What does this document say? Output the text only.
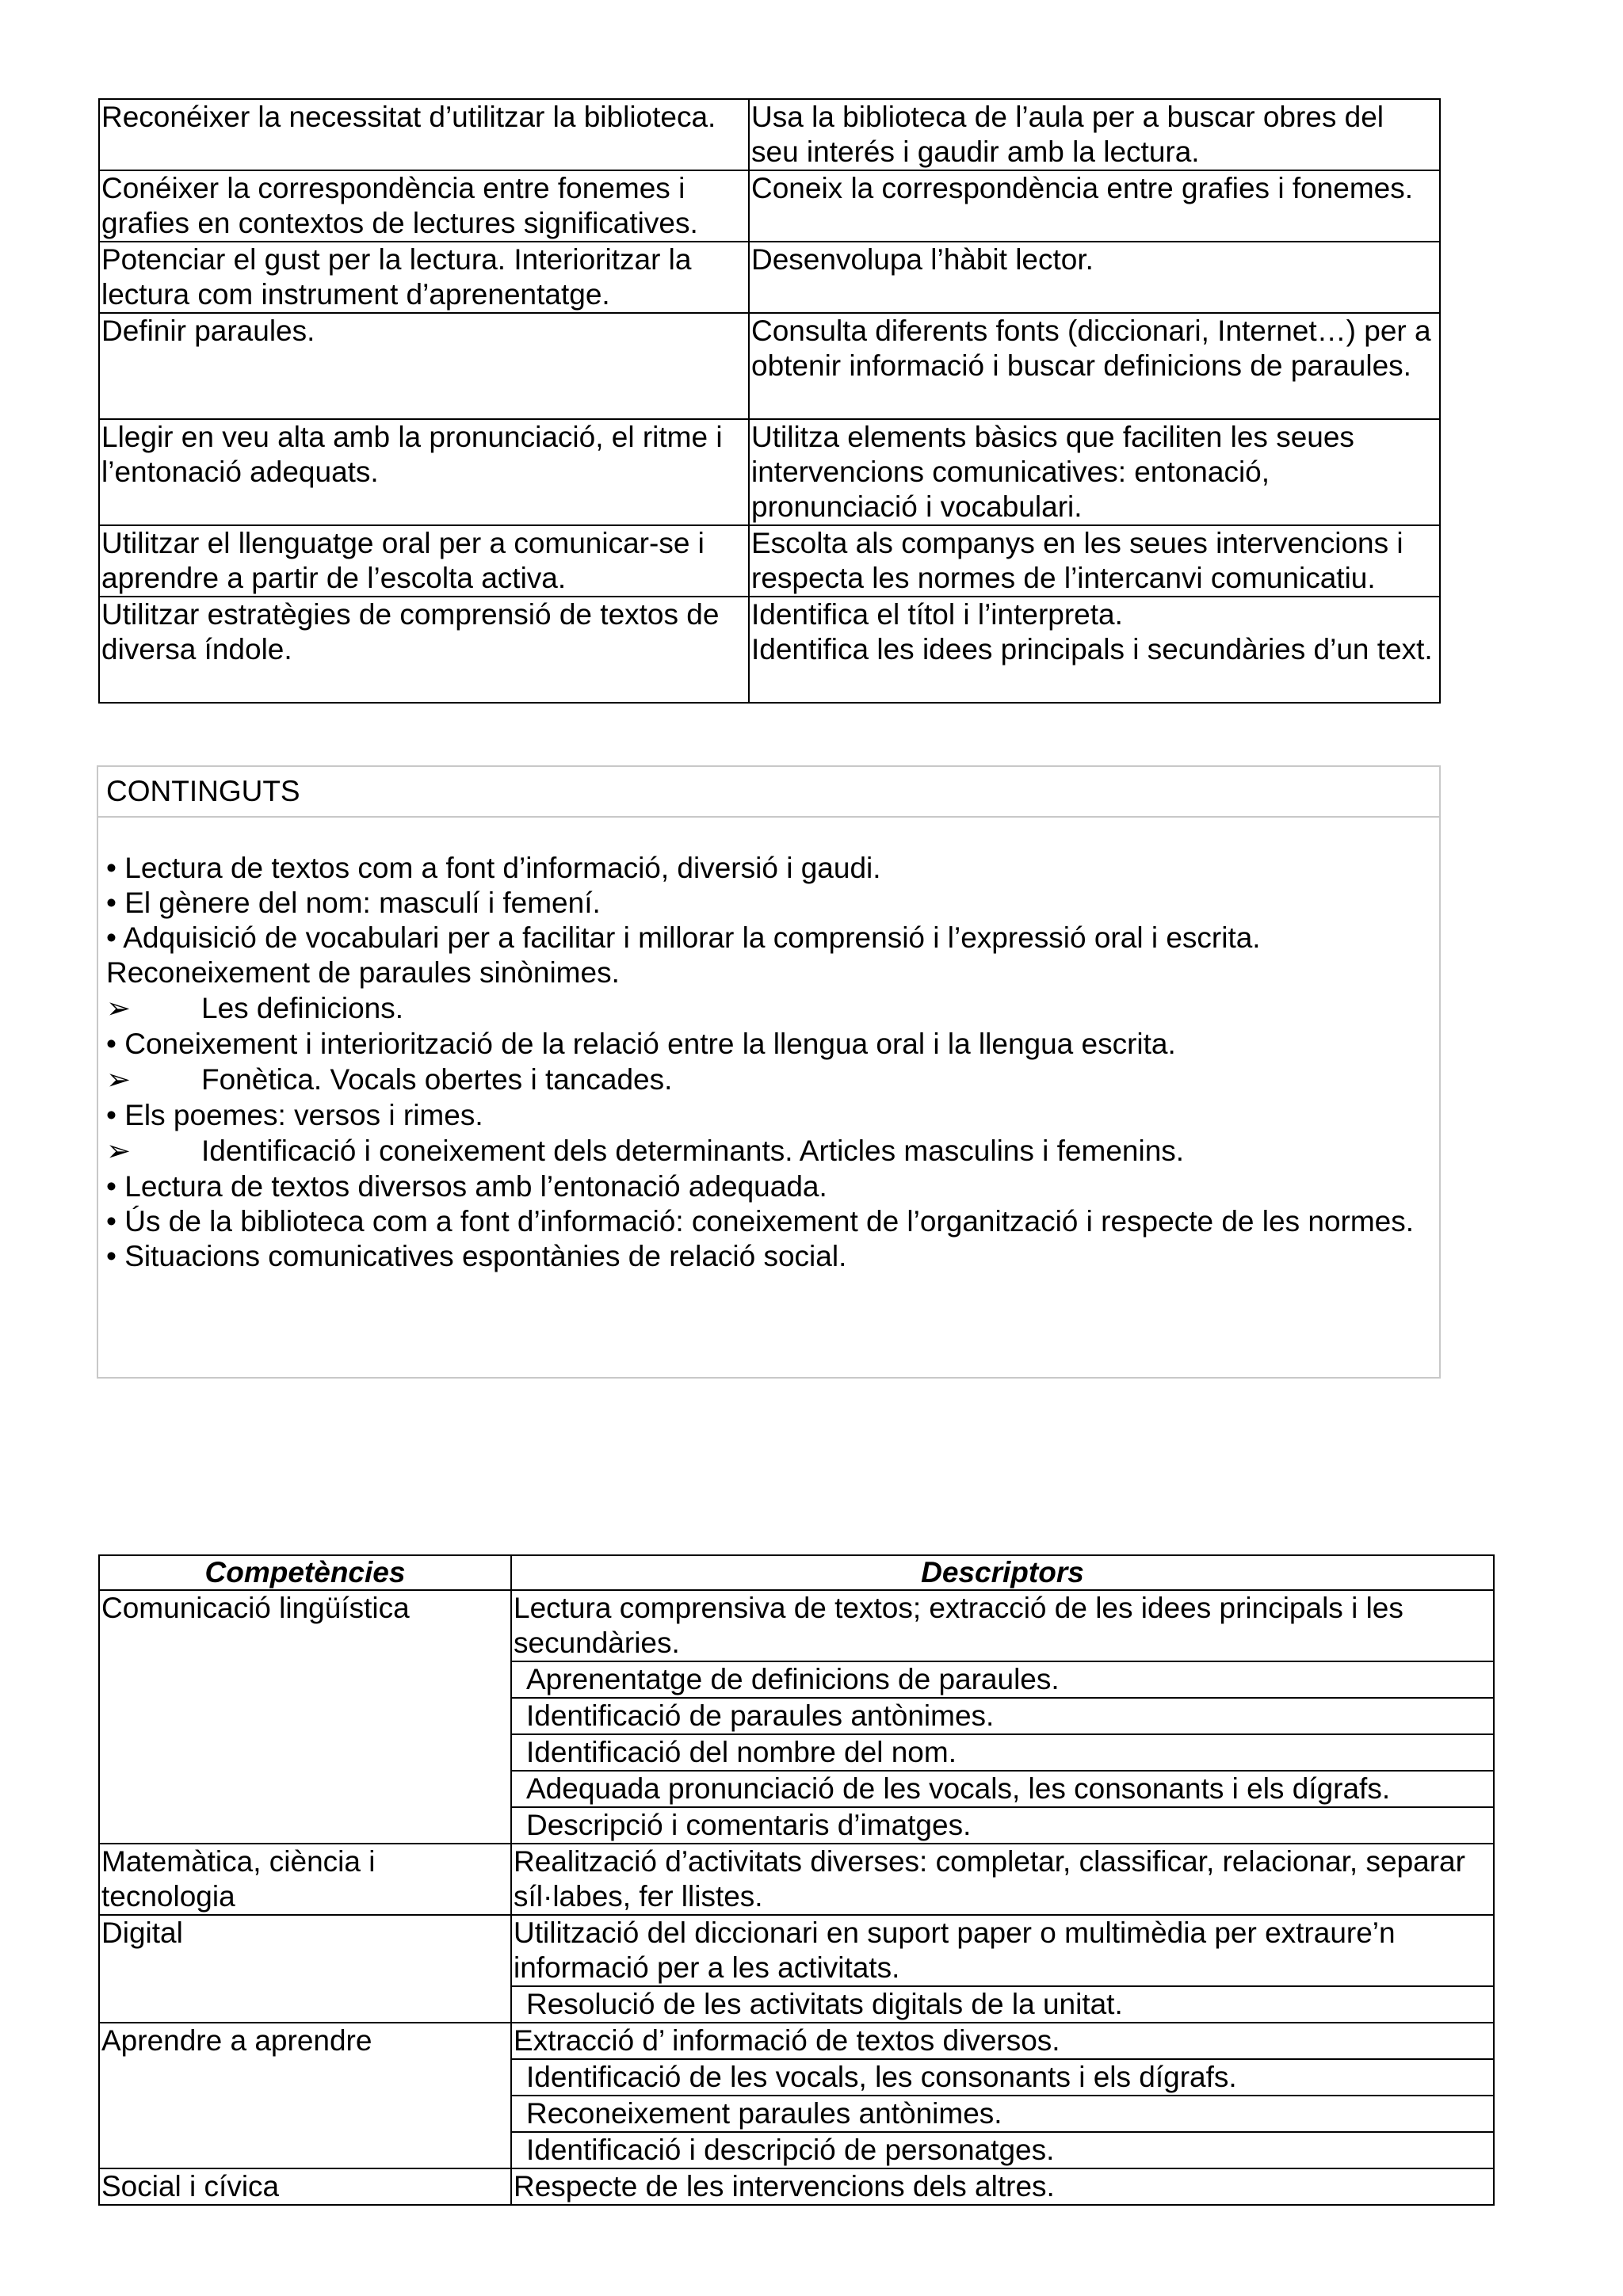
Reconéixer la necessitat d’utilitzar la biblioteca.	Usa la biblioteca de l’aula per a buscar obres del seu interés i gaudir amb la lectura.
Conéixer la correspondència entre fonemes i grafies en contextos de lectures significatives.	Coneix la correspondència entre grafies i fonemes.
Potenciar el gust per la lectura. Interioritzar la lectura com instrument d’aprenentatge.	Desenvolupa l’hàbit lector.
Definir paraules.	Consulta diferents fonts (diccionari, Internet…) per a obtenir informació i buscar definicions de paraules.
Llegir en veu alta amb la pronunciació, el ritme i l’entonació adequats.	Utilitza elements bàsics que faciliten les seues intervencions comunicatives: entonació, pronunciació i vocabulari.
Utilitzar el llenguatge oral per a comunicar-se i aprendre a partir de l’escolta activa.	Escolta als companys en les seues intervencions i respecta les normes de l’intercanvi comunicatiu.
Utilitzar estratègies de comprensió de textos de diversa índole.	Identifica el títol i l’interpreta.
Identifica les idees principals i secundàries d’un text.
CONTINGUTS
• Lectura de textos com a font d’informació, diversió i gaudi.
• El gènere del nom: masculí i femení.
• Adquisició de vocabulari per a facilitar i millorar la comprensió i l’expressió oral i escrita.
Reconeixement de paraules sinònimes.
➢ Les definicions.
• Coneixement i interiorització de la relació entre la llengua oral i la llengua escrita.
➢ Fonètica. Vocals obertes i tancades.
• Els poemes: versos i rimes.
➢ Identificació i coneixement dels determinants. Articles masculins i femenins.
• Lectura de textos diversos amb l’entonació adequada.
• Ús de la biblioteca com a font d’informació: coneixement de l’organització i respecte de les normes.
• Situacions comunicatives espontànies de relació social.
Competències	Descriptors
Comunicació lingüística	Lectura comprensiva de textos; extracció de les idees principals i les secundàries.
	Aprenentatge de definicions de paraules.
	Identificació de paraules antònimes.
	Identificació del nombre del nom.
	Adequada pronunciació de les vocals, les consonants i els dígrafs.
	Descripció i comentaris d’imatges.
Matemàtica, ciència i tecnologia	Realització d’activitats diverses: completar, classificar, relacionar, separar síl·labes, fer llistes.
Digital	Utilització del diccionari en suport paper o multimèdia per extraure’n informació per a les activitats.
	Resolució de les activitats digitals de la unitat.
Aprendre a aprendre	Extracció d’ informació de textos diversos.
	Identificació de les vocals, les consonants i els dígrafs.
	Reconeixement paraules antònimes.
	Identificació i descripció de personatges.
Social i cívica	Respecte de les intervencions dels altres.
